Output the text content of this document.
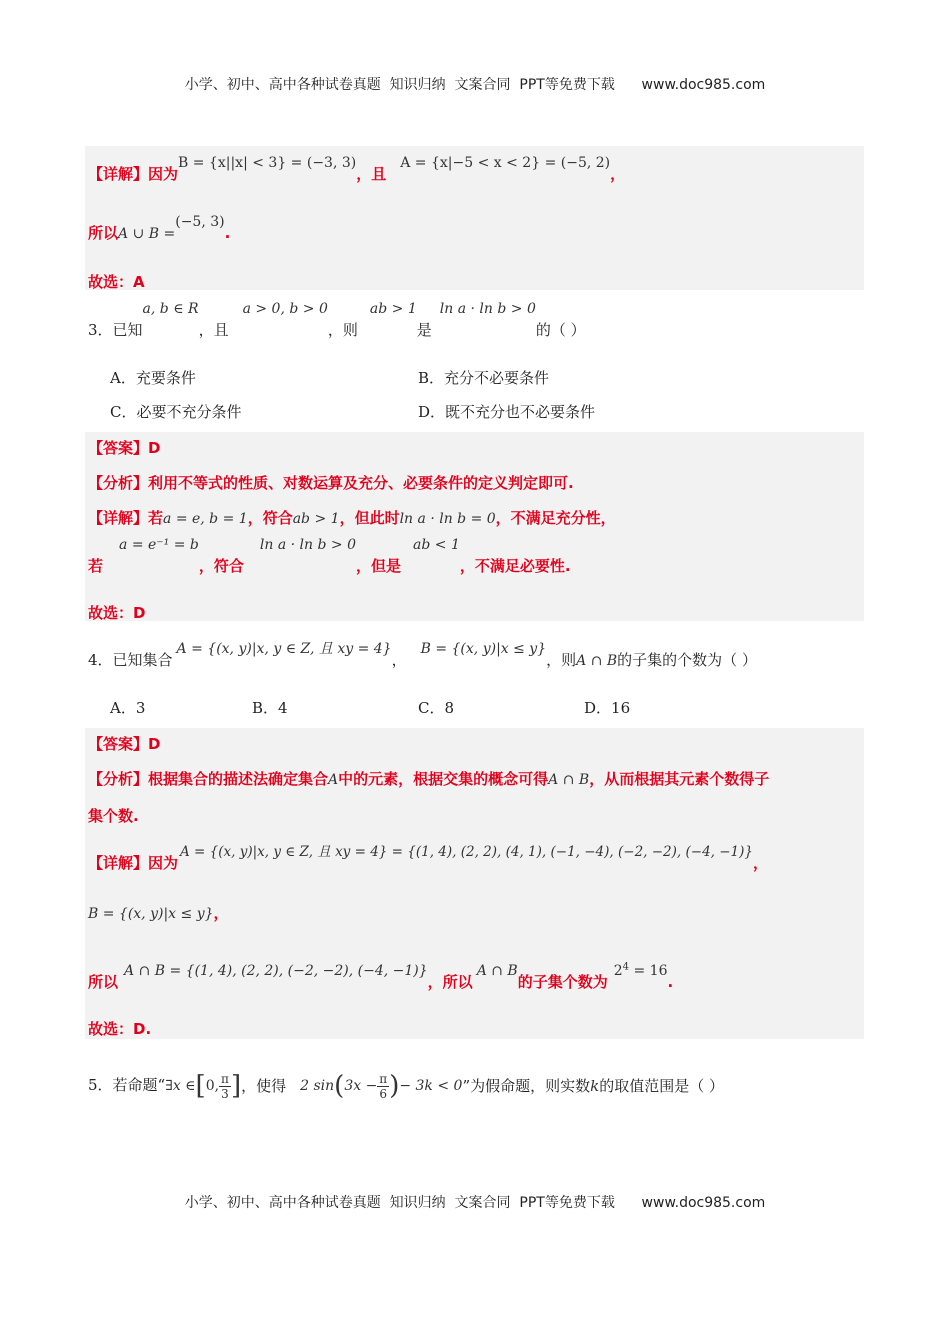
小学、初中、高中各种试卷真题  知识归纳  文案合同  PPT等免费下载 www.doc985.com
【详解】因为B = {x||x| < 3} = (−3, 3)，且A = {x|−5 < x < 2} = (−5, 2)，
所以A ∪ B =(−5, 3).
故选：A
3．已知a, b ∈ R，且a > 0, b > 0，则ab > 1是ln a · ln b > 0的（ ）
A．充要条件	B．充分不必要条件
C．必要不充分条件	D．既不充分也不必要条件
【答案】D
【分析】利用不等式的性质、对数运算及充分、必要条件的定义判定即可.
【详解】若a = e, b = 1，符合ab > 1，但此时ln a · ln b = 0，不满足充分性，
若a = e⁻¹ = b，符合ln a · ln b > 0，但是ab < 1，不满足必要性.
故选：D
4．已知集合A = {(x, y)|x, y ∈ Z, 且 xy = 4}，B = {(x, y)|x ≤ y}，则A ∩ B的子集的个数为（ ）
A．3	B．4	C．8	D．16
【答案】D
【分析】根据集合的描述法确定集合A中的元素，根据交集的概念可得A ∩ B，从而根据其元素个数得子
集个数.
【详解】因为A = {(x, y)|x, y ∈ Z, 且 xy = 4} = {(1, 4), (2, 2), (4, 1), (−1, −4), (−2, −2), (−4, −1)}，
B = {(x, y)|x ≤ y}，
所以A ∩ B = {(1, 4), (2, 2), (−2, −2), (−4, −1)}，所以A ∩ B的子集个数为$2^4 = 16$.
故选：D.
5．若命题“∃x ∈[0, $\frac{\pi}{3}$ ]，使得 2 $\sin(3x - \frac{\pi}{6}$ )− 3k < 0”为假命题，则实数k的取值范围是（ ）
小学、初中、高中各种试卷真题  知识归纳  文案合同  PPT等免费下载 www.doc985.com
